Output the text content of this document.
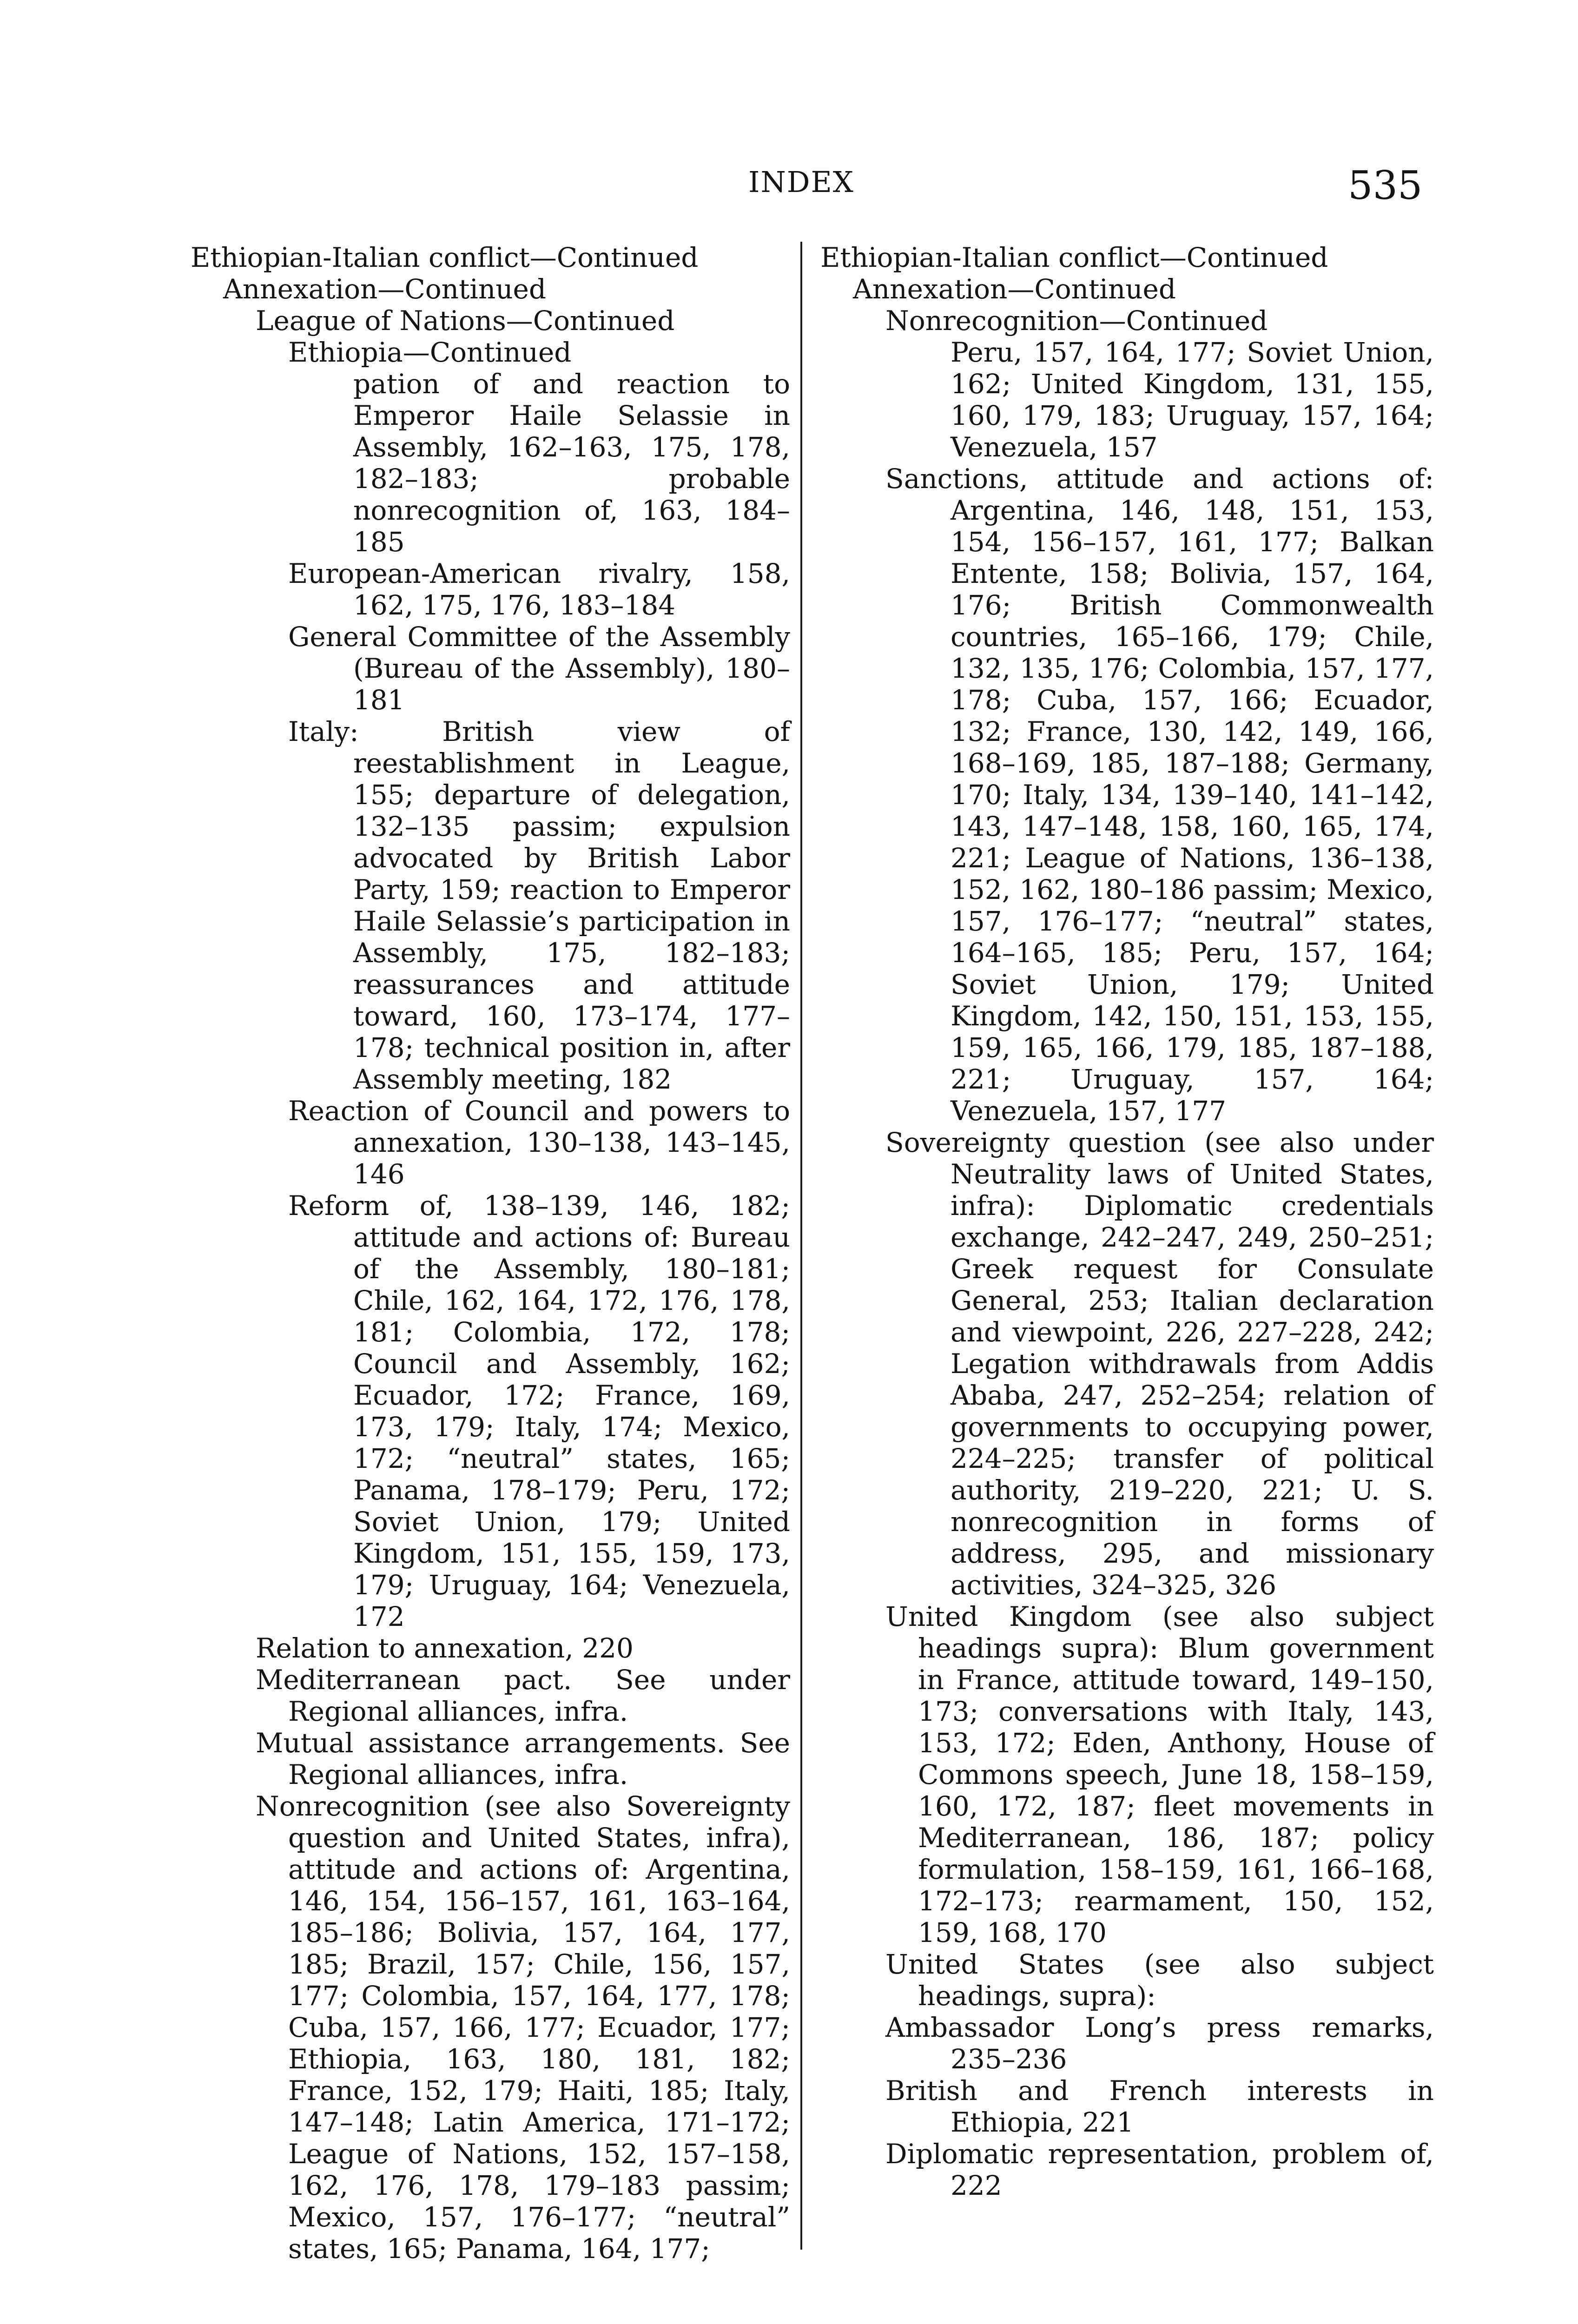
INDEX	535

Ethiopian-Italian conflict—Continued

Annexation—Continued

League of Nations—Continued

Ethiopia—Continued

pation of and reaction to Emperor Haile Selassie in Assembly, 162–163, 175, 178, 182–183; probable nonrecognition of, 163, 184–185

European-American rivalry, 158, 162, 175, 176, 183–184

General Committee of the Assembly (Bureau of the Assembly), 180–181

Italy: British view of reestablishment in League, 155; departure of delegation, 132–135 passim; expulsion advocated by British Labor Party, 159; reaction to Emperor Haile Selassie’s participation in Assembly, 175, 182–183; reassurances and attitude toward, 160, 173–174, 177–178; technical position in, after Assembly meeting, 182

Reaction of Council and powers to annexation, 130–138, 143–145, 146

Reform of, 138–139, 146, 182; attitude and actions of: Bureau of the Assembly, 180–181; Chile, 162, 164, 172, 176, 178, 181; Colombia, 172, 178; Council and Assembly, 162; Ecuador, 172; France, 169, 173, 179; Italy, 174; Mexico, 172; “neutral” states, 165; Panama, 178–179; Peru, 172; Soviet Union, 179; United Kingdom, 151, 155, 159, 173, 179; Uruguay, 164; Venezuela, 172

Relation to annexation, 220

Mediterranean pact. See under Regional alliances, infra.

Mutual assistance arrangements. See Regional alliances, infra.

Nonrecognition (see also Sovereignty question and United States, infra), attitude and actions of: Argentina, 146, 154, 156–157, 161, 163–164, 185–186; Bolivia, 157, 164, 177, 185; Brazil, 157; Chile, 156, 157, 177; Colombia, 157, 164, 177, 178; Cuba, 157, 166, 177; Ecuador, 177; Ethiopia, 163, 180, 181, 182; France, 152, 179; Haiti, 185; Italy, 147–148; Latin America, 171–172; League of Nations, 152, 157–158, 162, 176, 178, 179–183 passim; Mexico, 157, 176–177; “neutral” states, 165; Panama, 164, 177;

Ethiopian-Italian conflict—Continued

Annexation—Continued

Nonrecognition—Continued

Peru, 157, 164, 177; Soviet Union, 162; United Kingdom, 131, 155, 160, 179, 183; Uruguay, 157, 164; Venezuela, 157

Sanctions, attitude and actions of: Argentina, 146, 148, 151, 153, 154, 156–157, 161, 177; Balkan Entente, 158; Bolivia, 157, 164, 176; British Commonwealth countries, 165–166, 179; Chile, 132, 135, 176; Colombia, 157, 177, 178; Cuba, 157, 166; Ecuador, 132; France, 130, 142, 149, 166, 168–169, 185, 187–188; Germany, 170; Italy, 134, 139–140, 141–142, 143, 147–148, 158, 160, 165, 174, 221; League of Nations, 136–138, 152, 162, 180–186 passim; Mexico, 157, 176–177; “neutral” states, 164–165, 185; Peru, 157, 164; Soviet Union, 179; United Kingdom, 142, 150, 151, 153, 155, 159, 165, 166, 179, 185, 187–188, 221; Uruguay, 157, 164; Venezuela, 157, 177

Sovereignty question (see also under Neutrality laws of United States, infra): Diplomatic credentials exchange, 242–247, 249, 250–251; Greek request for Consulate General, 253; Italian declaration and viewpoint, 226, 227–228, 242; Legation withdrawals from Addis Ababa, 247, 252–254; relation of governments to occupying power, 224–225; transfer of political authority, 219–220, 221; U. S. nonrecognition in forms of address, 295, and missionary activities, 324–325, 326

United Kingdom (see also subject headings supra): Blum government in France, attitude toward, 149–150, 173; conversations with Italy, 143, 153, 172; Eden, Anthony, House of Commons speech, June 18, 158–159, 160, 172, 187; fleet movements in Mediterranean, 186, 187; policy formulation, 158–159, 161, 166–168, 172–173; rearmament, 150, 152, 159, 168, 170

United States (see also subject headings, supra):

Ambassador Long’s press remarks, 235–236

British and French interests in Ethiopia, 221

Diplomatic representation, problem of, 222
